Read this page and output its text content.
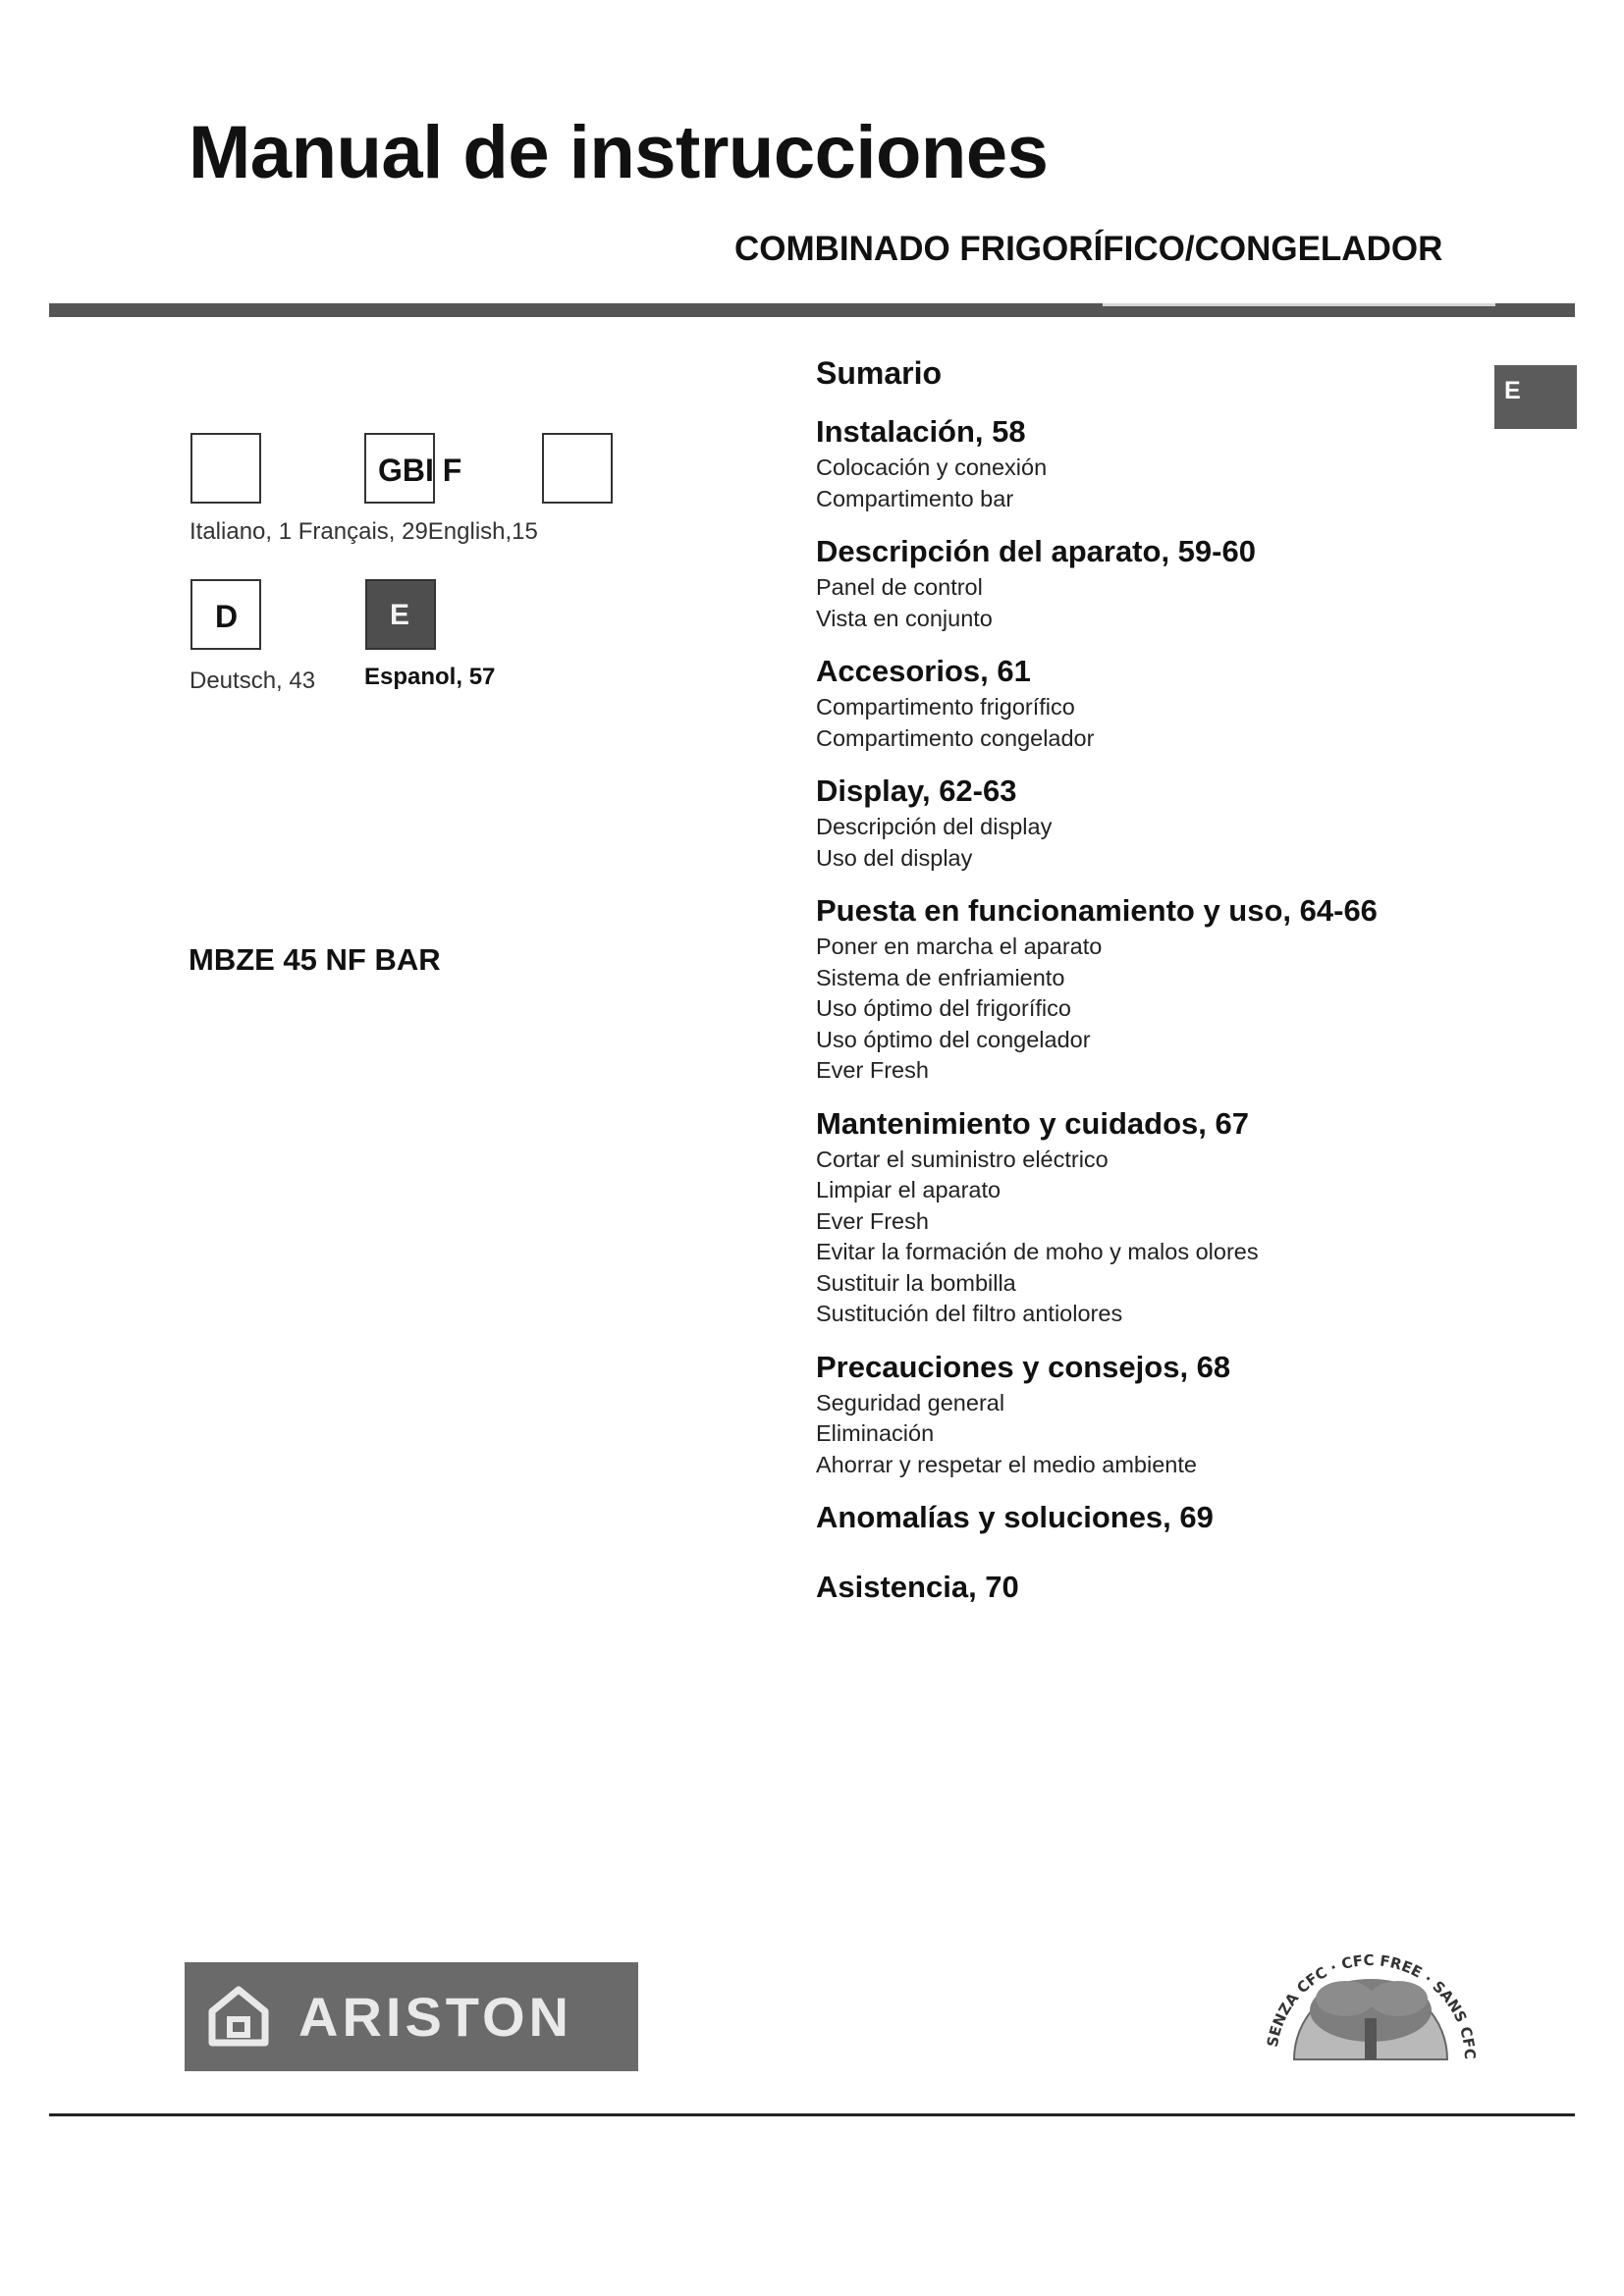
Manual de instrucciones
COMBINADO FRIGORÍFICO/CONGELADOR
E
GBI F
Italiano, 1 Français, 29English,15
D	E
Deutsch, 43 Espanol, 57
MBZE 45 NF BAR
Sumario
Instalación, 58
Colocación y conexión
Compartimento bar
Descripción del aparato, 59-60
Panel de control
Vista en conjunto
Accesorios, 61
Compartimento frigorífico
Compartimento congelador
Display, 62-63
Descripción del display
Uso del display
Puesta en funcionamiento y uso, 64-66
Poner en marcha el aparato
Sistema de enfriamiento
Uso óptimo del frigorífico
Uso óptimo del congelador
Ever Fresh
Mantenimiento y cuidados, 67
Cortar el suministro eléctrico
Limpiar el aparato
Ever Fresh
Evitar la formación de moho y malos olores
Sustituir la bombilla
Sustitución del filtro antiolores
Precauciones y consejos, 68
Seguridad general
Eliminación
Ahorrar y respetar el medio ambiente
Anomalías y soluciones, 69
Asistencia, 70
ARISTON	SENZA CFC · CFC FREE · SANS CFC
